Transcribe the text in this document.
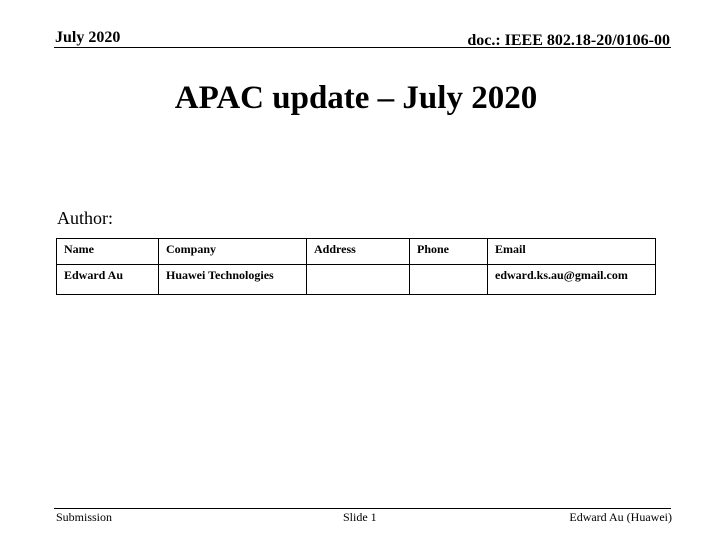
July 2020	doc.: IEEE 802.18-20/0106-00
APAC update – July 2020
Author:
Name	Company	Address	Phone	Email
Edward Au	Huawei Technologies			edward.ks.au@gmail.com
Submission	Slide 1	Edward Au (Huawei)
